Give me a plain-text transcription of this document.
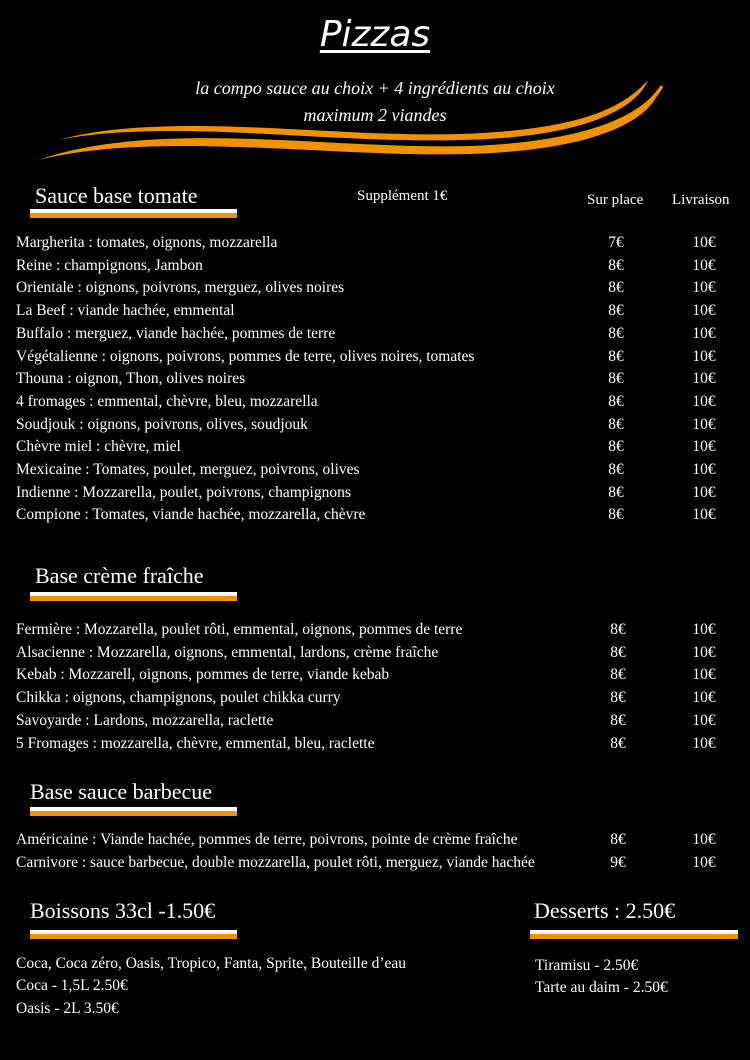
Pizzas
la compo sauce au choix + 4 ingrédients au choix
maximum 2 viandes
Sauce base tomate	Supplément 1€	Sur place Livraison
Margherita : tomates, oignons, mozzarella	7€	10€
Reine : champignons, Jambon	8€	10€
Orientale : oignons, poivrons, merguez, olives noires	8€	10€
La Beef : viande hachée, emmental	8€	10€
Buffalo : merguez, viande hachée, pommes de terre	8€	10€
Végétalienne : oignons, poivrons, pommes de terre, olives noires, tomates	8€	10€
Thouna : oignon, Thon, olives noires	8€	10€
4 fromages : emmental, chèvre, bleu, mozzarella	8€	10€
Soudjouk : oignons, poivrons, olives, soudjouk	8€	10€
Chèvre miel : chèvre, miel	8€	10€
Mexicaine : Tomates, poulet, merguez, poivrons, olives	8€	10€
Indienne : Mozzarella, poulet, poivrons, champignons	8€	10€
Compione : Tomates, viande hachée, mozzarella, chèvre	8€	10€
Base crème fraîche
Fermière : Mozzarella, poulet rôti, emmental, oignons, pommes de terre	8€	10€
Alsacienne : Mozzarella, oignons, emmental, lardons, crème fraîche	8€	10€
Kebab : Mozzarell, oignons, pommes de terre, viande kebab	8€	10€
Chikka : oignons, champignons, poulet chikka curry	8€	10€
Savoyarde : Lardons, mozzarella, raclette	8€	10€
5 Fromages : mozzarella, chèvre, emmental, bleu, raclette	8€	10€
Base sauce barbecue
Américaine : Viande hachée, pommes de terre, poivrons, pointe de crème fraîche	8€	10€
Carnivore : sauce barbecue, double mozzarella, poulet rôti, merguez, viande hachée	9€	10€
Boissons 33cl -1.50€
Coca, Coca zéro, Oasis, Tropico, Fanta, Sprite, Bouteille d’eau
Coca - 1,5L 2.50€
Oasis - 2L 3.50€
Desserts : 2.50€
Tiramisu - 2.50€
Tarte au daim - 2.50€
